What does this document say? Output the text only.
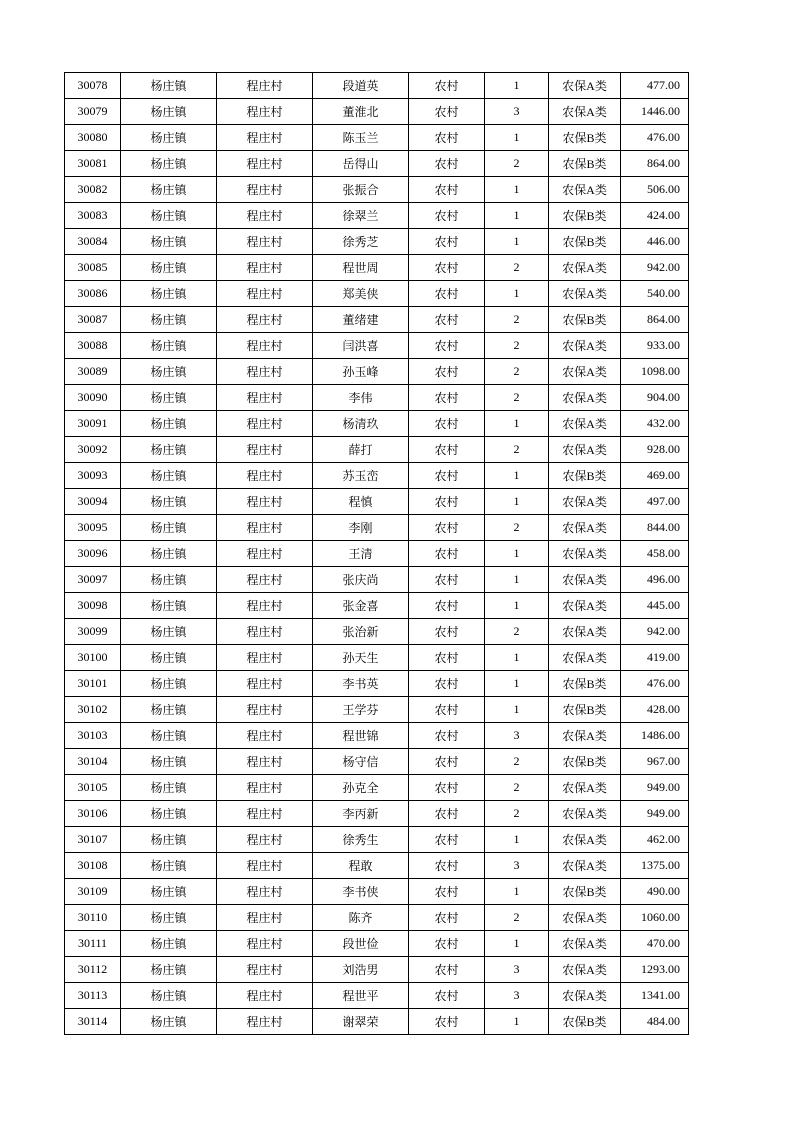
30078	杨庄镇	程庄村	段道英	农村	1	农保A类	477.00
30079	杨庄镇	程庄村	董淮北	农村	3	农保A类	1446.00
30080	杨庄镇	程庄村	陈玉兰	农村	1	农保B类	476.00
30081	杨庄镇	程庄村	岳得山	农村	2	农保B类	864.00
30082	杨庄镇	程庄村	张振合	农村	1	农保A类	506.00
30083	杨庄镇	程庄村	徐翠兰	农村	1	农保B类	424.00
30084	杨庄镇	程庄村	徐秀芝	农村	1	农保B类	446.00
30085	杨庄镇	程庄村	程世周	农村	2	农保A类	942.00
30086	杨庄镇	程庄村	郑美侠	农村	1	农保A类	540.00
30087	杨庄镇	程庄村	董绪建	农村	2	农保B类	864.00
30088	杨庄镇	程庄村	闫洪喜	农村	2	农保A类	933.00
30089	杨庄镇	程庄村	孙玉峰	农村	2	农保A类	1098.00
30090	杨庄镇	程庄村	李伟	农村	2	农保A类	904.00
30091	杨庄镇	程庄村	杨清玖	农村	1	农保A类	432.00
30092	杨庄镇	程庄村	薛打	农村	2	农保A类	928.00
30093	杨庄镇	程庄村	苏玉峦	农村	1	农保B类	469.00
30094	杨庄镇	程庄村	程慎	农村	1	农保A类	497.00
30095	杨庄镇	程庄村	李刚	农村	2	农保A类	844.00
30096	杨庄镇	程庄村	王清	农村	1	农保A类	458.00
30097	杨庄镇	程庄村	张庆尚	农村	1	农保A类	496.00
30098	杨庄镇	程庄村	张金喜	农村	1	农保A类	445.00
30099	杨庄镇	程庄村	张治新	农村	2	农保A类	942.00
30100	杨庄镇	程庄村	孙天生	农村	1	农保A类	419.00
30101	杨庄镇	程庄村	李书英	农村	1	农保B类	476.00
30102	杨庄镇	程庄村	王学芬	农村	1	农保B类	428.00
30103	杨庄镇	程庄村	程世锦	农村	3	农保A类	1486.00
30104	杨庄镇	程庄村	杨守信	农村	2	农保B类	967.00
30105	杨庄镇	程庄村	孙克全	农村	2	农保A类	949.00
30106	杨庄镇	程庄村	李丙新	农村	2	农保A类	949.00
30107	杨庄镇	程庄村	徐秀生	农村	1	农保A类	462.00
30108	杨庄镇	程庄村	程敢	农村	3	农保A类	1375.00
30109	杨庄镇	程庄村	李书侠	农村	1	农保B类	490.00
30110	杨庄镇	程庄村	陈齐	农村	2	农保A类	1060.00
30111	杨庄镇	程庄村	段世俭	农村	1	农保A类	470.00
30112	杨庄镇	程庄村	刘浩男	农村	3	农保A类	1293.00
30113	杨庄镇	程庄村	程世平	农村	3	农保A类	1341.00
30114	杨庄镇	程庄村	谢翠荣	农村	1	农保B类	484.00
